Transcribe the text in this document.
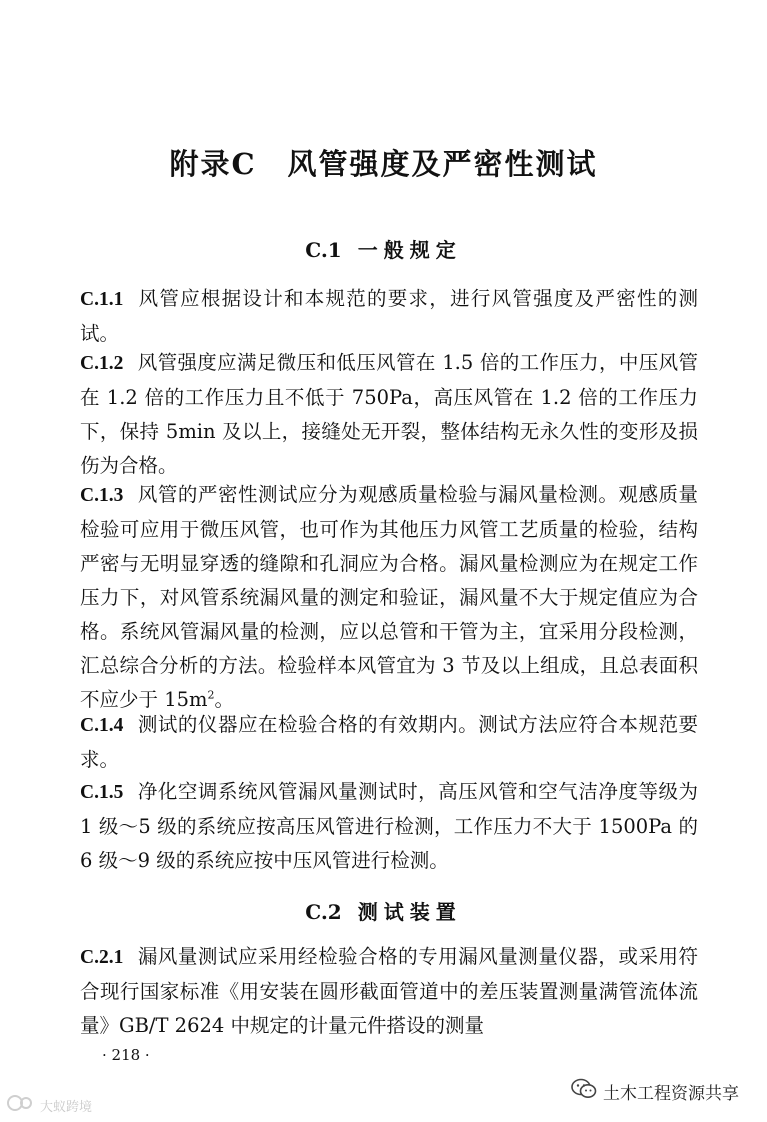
附录C　风管强度及严密性测试
C.1 一般规定
C.1.1 风管应根据设计和本规范的要求，进行风管强度及严密性的测试。
C.1.2 风管强度应满足微压和低压风管在 1.5 倍的工作压力，中压风管在 1.2 倍的工作压力且不低于 750Pa，高压风管在 1.2 倍的工作压力下，保持 5min 及以上，接缝处无开裂，整体结构无永久性的变形及损伤为合格。
C.1.3 风管的严密性测试应分为观感质量检验与漏风量检测。观感质量检验可应用于微压风管，也可作为其他压力风管工艺质量的检验，结构严密与无明显穿透的缝隙和孔洞应为合格。漏风量检测应为在规定工作压力下，对风管系统漏风量的测定和验证，漏风量不大于规定值应为合格。系统风管漏风量的检测，应以总管和干管为主，宜采用分段检测，汇总综合分析的方法。检验样本风管宜为 3 节及以上组成，且总表面积不应少于 $15m^2$。
C.1.4 测试的仪器应在检验合格的有效期内。测试方法应符合本规范要求。
C.1.5 净化空调系统风管漏风量测试时，高压风管和空气洁净度等级为 1 级～5 级的系统应按高压风管进行检测，工作压力不大于 1500Pa 的 6 级～9 级的系统应按中压风管进行检测。
C.2 测试装置
C.2.1 漏风量测试应采用经检验合格的专用漏风量测量仪器，或采用符合现行国家标准《用安装在圆形截面管道中的差压装置测量满管流体流量》GB/T 2624 中规定的计量元件搭设的测量
· 218 ·
土木工程资源共享
大蚁跨境
